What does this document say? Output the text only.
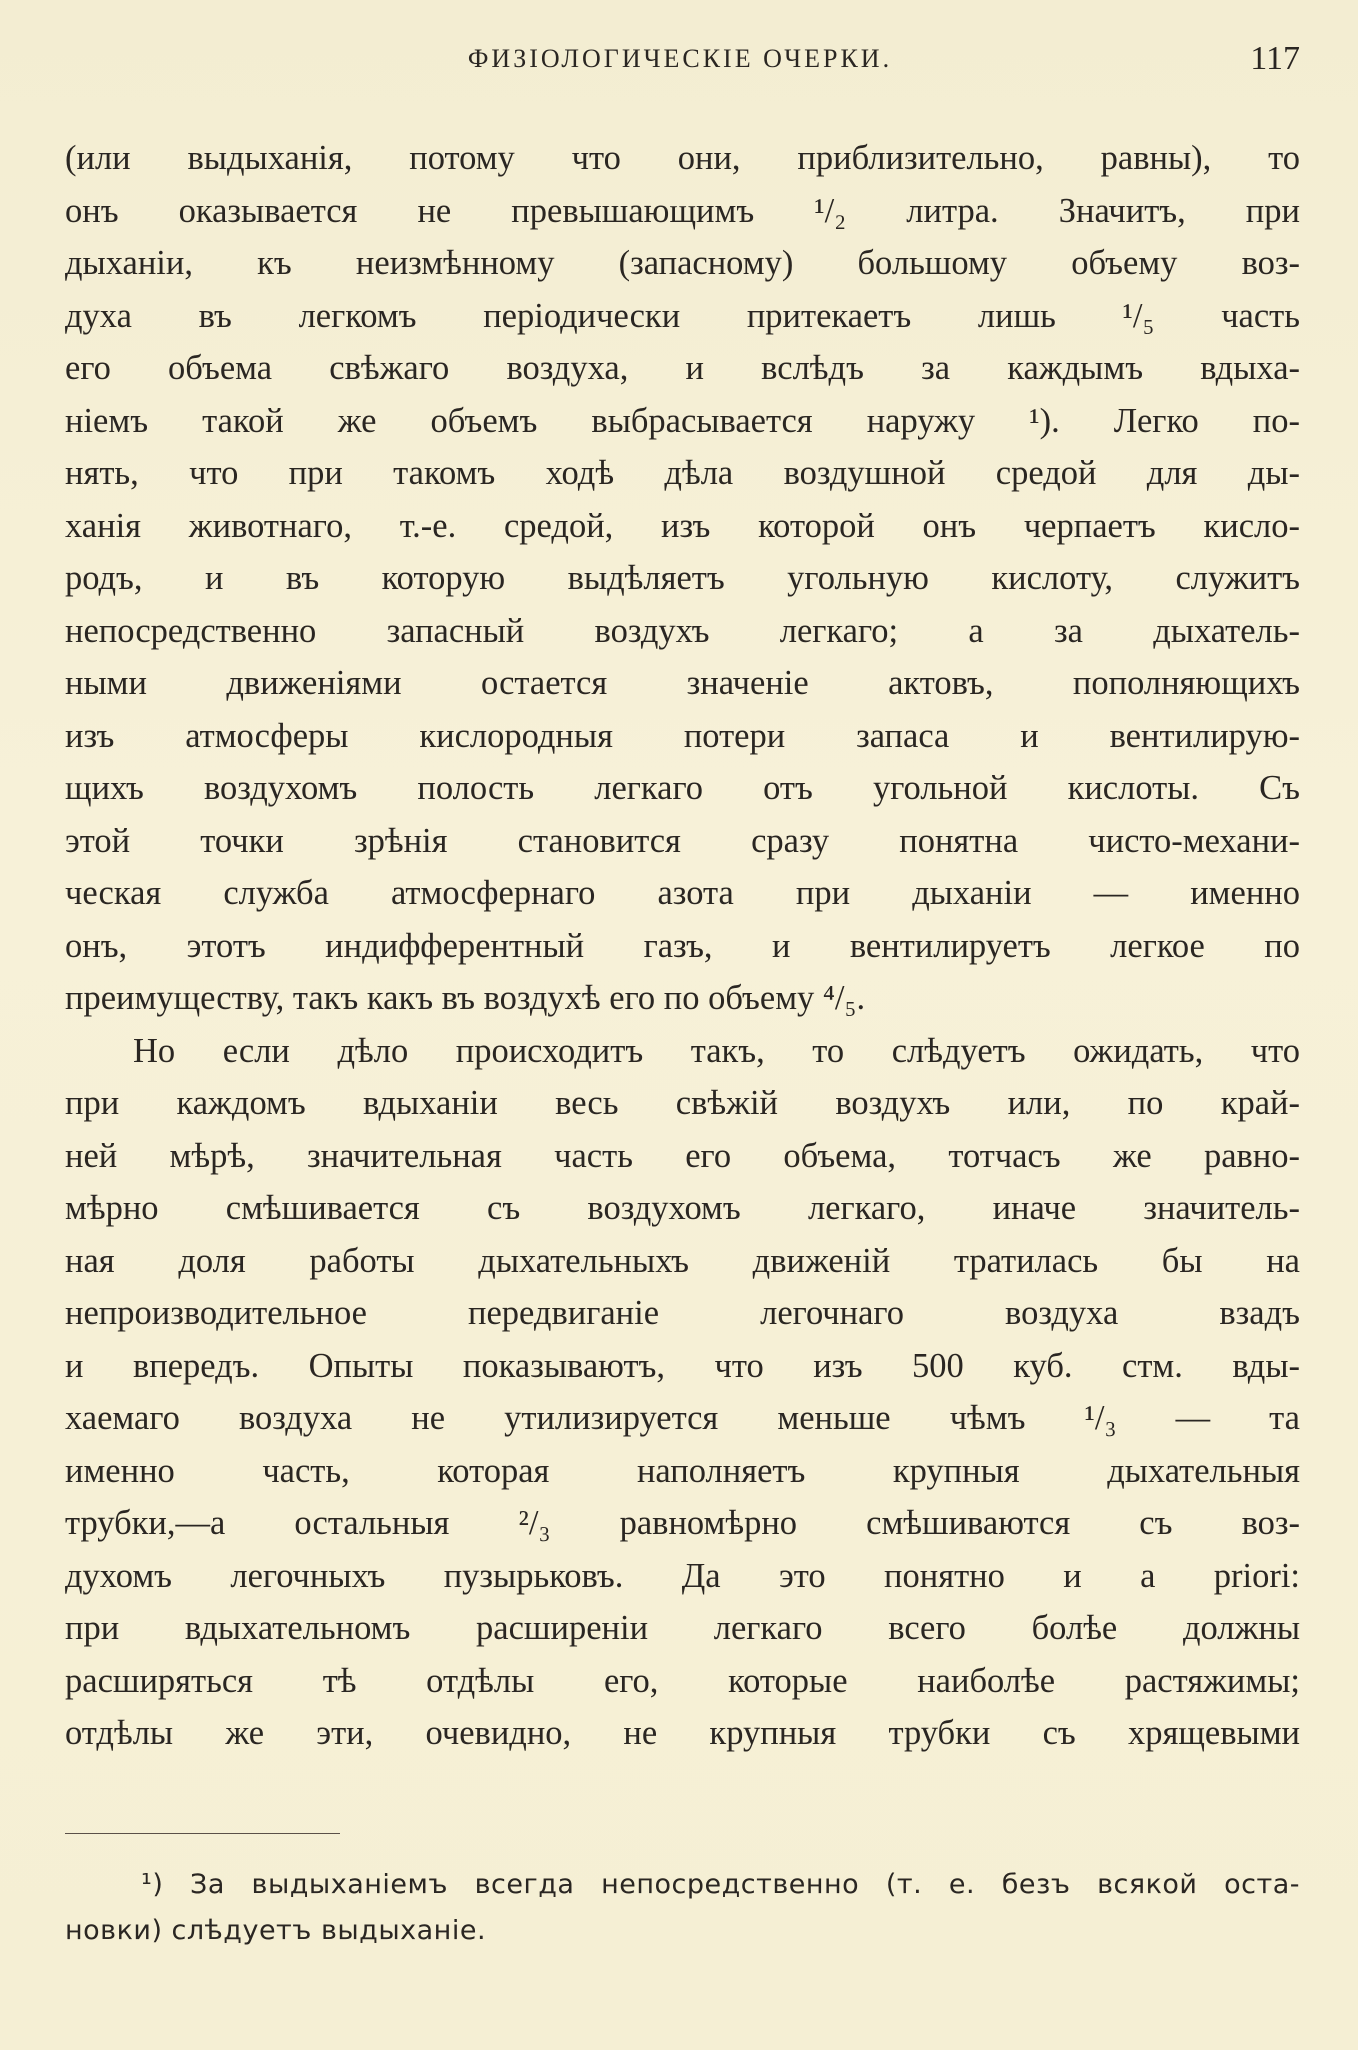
ФИЗІОЛОГИЧЕСКІЕ ОЧЕРКИ.	117
(или выдыханія, потому что они, приблизительно, равны), то
онъ оказывается не превышающимъ ¹/₂ литра. Значитъ, при
дыханіи, къ неизмѣнному (запасному) большому объему воз-
духа въ легкомъ періодически притекаетъ лишь ¹/₅ часть
его объема свѣжаго воздуха, и вслѣдъ за каждымъ вдыха-
ніемъ такой же объемъ выбрасывается наружу ¹). Легко по-
нять, что при такомъ ходѣ дѣла воздушной средой для ды-
ханія животнаго, т.-е. средой, изъ которой онъ черпаетъ кисло-
родъ, и въ которую выдѣляетъ угольную кислоту, служитъ
непосредственно запасный воздухъ легкаго; а за дыхатель-
ными движеніями остается значеніе актовъ, пополняющихъ
изъ атмосферы кислородныя потери запаса и вентилирую-
щихъ воздухомъ полость легкаго отъ угольной кислоты. Съ
этой точки зрѣнія становится сразу понятна чисто-механи-
ческая служба атмосфернаго азота при дыханіи — именно
онъ, этотъ индифферентный газъ, и вентилируетъ легкое по
преимуществу, такъ какъ въ воздухѣ его по объему ⁴/₅.
Но если дѣло происходитъ такъ, то слѣдуетъ ожидать, что
при каждомъ вдыханіи весь свѣжій воздухъ или, по край-
ней мѣрѣ, значительная часть его объема, тотчасъ же равно-
мѣрно смѣшивается съ воздухомъ легкаго, иначе значитель-
ная доля работы дыхательныхъ движеній тратилась бы на
непроизводительное передвиганіе легочнаго воздуха взадъ
и впередъ. Опыты показываютъ, что изъ 500 куб. стм. вды-
хаемаго воздуха не утилизируется меньше чѣмъ ¹/₃ — та
именно часть, которая наполняетъ крупныя дыхательныя
трубки,—а остальныя ²/₃ равномѣрно смѣшиваются съ воз-
духомъ легочныхъ пузырьковъ. Да это понятно и а priori:
при вдыхательномъ расширеніи легкаго всего болѣе должны
расширяться тѣ отдѣлы его, которые наиболѣе растяжимы;
отдѣлы же эти, очевидно, не крупныя трубки съ хрящевыми
¹) За выдыханіемъ всегда непосредственно (т. е. безъ всякой оста-
новки) слѣдуетъ выдыханіе.
